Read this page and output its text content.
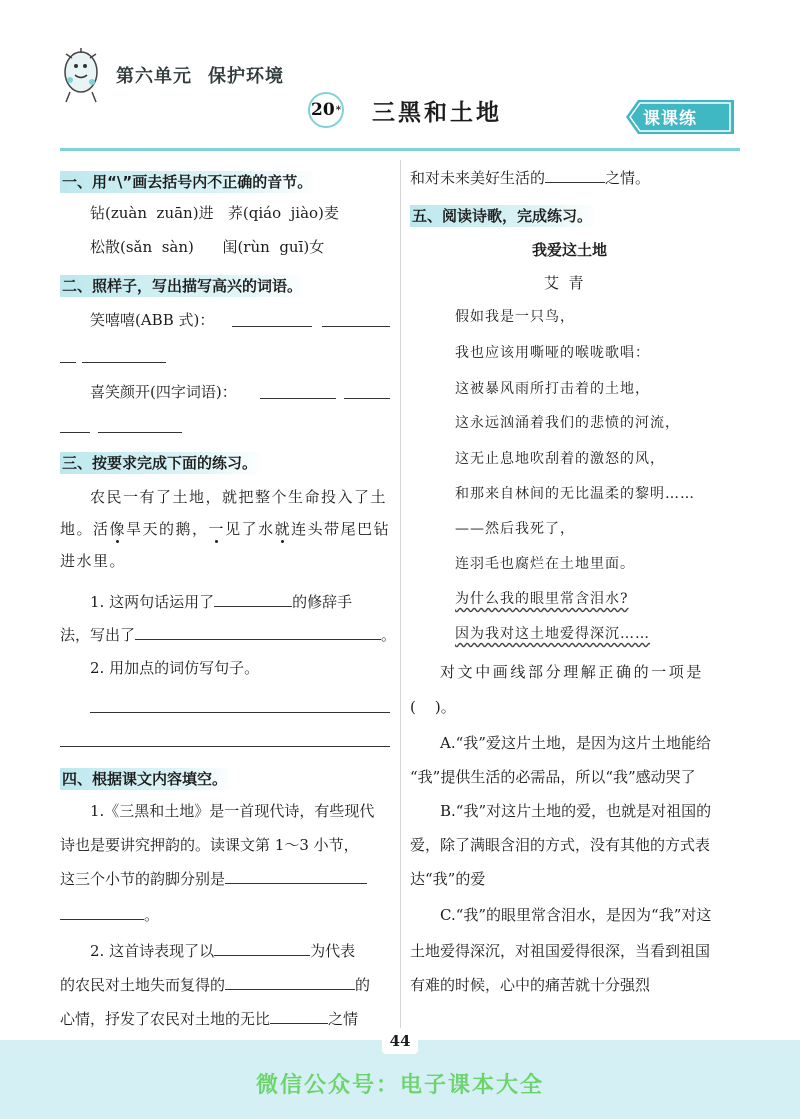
第六单元 保护环境
20 * 三黑和土地	课课练
一、用“\”画去括号内不正确的音节。
钻(zuàn  zuān)进   荞(qiáo  jiào)麦
松散(sǎn  sàn)      闺(rùn  guī)女
二、照样子，写出描写高兴的词语。
笑嘻嘻(ABB 式)：
喜笑颜开(四字词语)：
三、按要求完成下面的练习。
农民一有了土地，就把整个生命投入了土
地。活像旱天的鹅，一见了水就连头带尾巴钻
进水里。
1. 这两句话运用了	的修辞手
法，写出了	。
2. 用加点的词仿写句子。
四、根据课文内容填空。
1.《三黑和土地》是一首现代诗，有些现代
诗也是要讲究押韵的。读课文第 1～3 小节，
这三个小节的韵脚分别是
。
2. 这首诗表现了以	为代表
的农民对土地失而复得的	的
心情，抒发了农民对土地的无比	之情
和对未来美好生活的	之情。
五、阅读诗歌，完成练习。
我爱这土地
艾  青
假如我是一只鸟，
我也应该用嘶哑的喉咙歌唱：
这被暴风雨所打击着的土地，
这永远汹涌着我们的悲愤的河流，
这无止息地吹刮着的激怒的风，
和那来自林间的无比温柔的黎明……
——然后我死了，
连羽毛也腐烂在土地里面。
为什么我的眼里常含泪水?
因为我对这土地爱得深沉……
对文中画线部分理解正确的一项是
(    )。
A.“我”爱这片土地，是因为这片土地能给
“我”提供生活的必需品，所以“我”感动哭了
B.“我”对这片土地的爱，也就是对祖国的
爱，除了满眼含泪的方式，没有其他的方式表
达“我”的爱
C.“我”的眼里常含泪水，是因为“我”对这
土地爱得深沉，对祖国爱得很深，当看到祖国
有难的时候，心中的痛苦就十分强烈
44
微信公众号：电子课本大全
